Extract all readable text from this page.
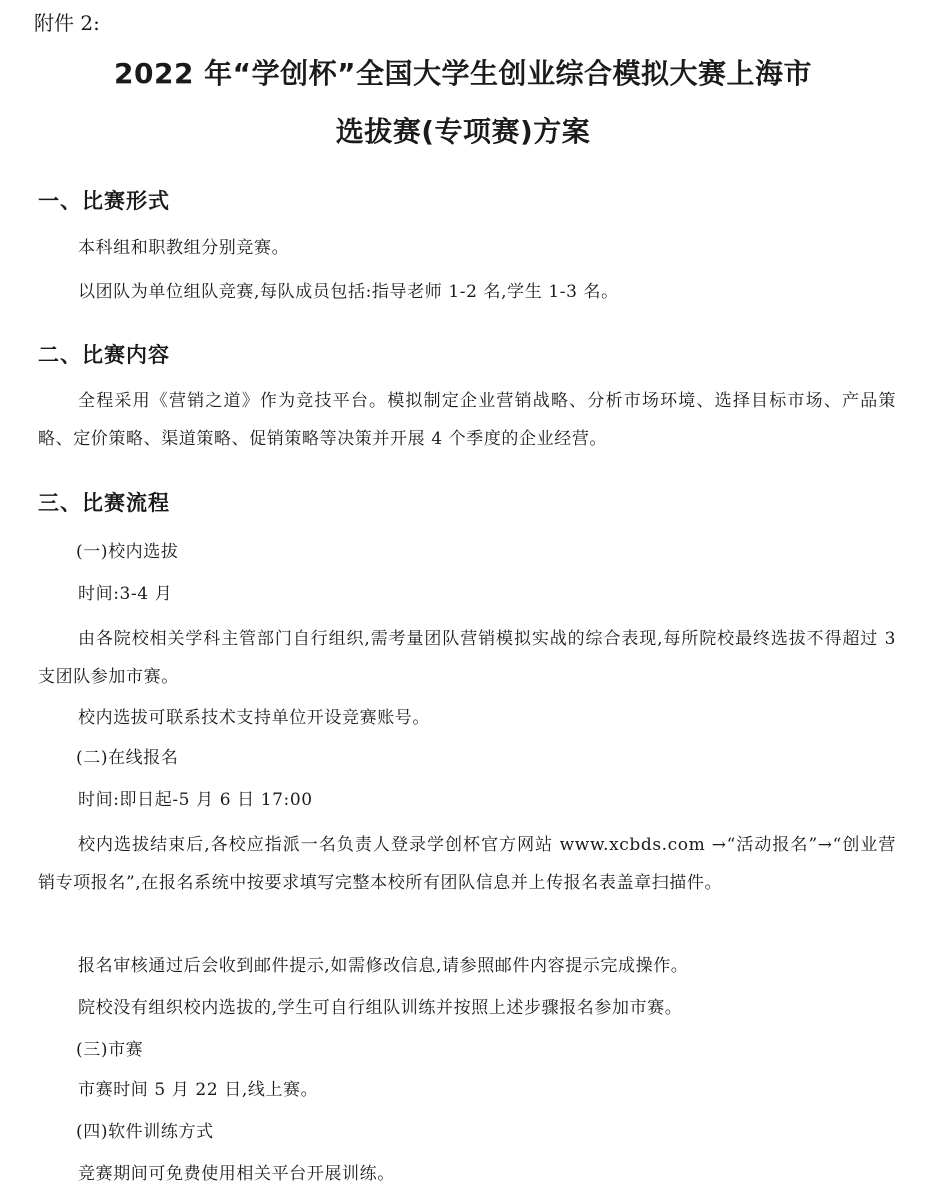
附件 2:
2022 年“学创杯”全国大学生创业综合模拟大赛上海市
选拔赛(专项赛)方案
一、比赛形式
本科组和职教组分别竞赛。
以团队为单位组队竞赛,每队成员包括:指导老师 1-2 名,学生 1-3 名。
二、比赛内容
全程采用《营销之道》作为竞技平台。模拟制定企业营销战略、分析市场环境、选择目标市场、产品策略、定价策略、渠道策略、促销策略等决策并开展 4 个季度的企业经营。
三、比赛流程
(一)校内选拔
时间:3-4 月
由各院校相关学科主管部门自行组织,需考量团队营销模拟实战的综合表现,每所院校最终选拔不得超过 3 支团队参加市赛。
校内选拔可联系技术支持单位开设竞赛账号。
(二)在线报名
时间:即日起-5 月 6 日 17:00
校内选拔结束后,各校应指派一名负责人登录学创杯官方网站 www.xcbds.com →“活动报名”→“创业营销专项报名”,在报名系统中按要求填写完整本校所有团队信息并上传报名表盖章扫描件。
报名审核通过后会收到邮件提示,如需修改信息,请参照邮件内容提示完成操作。
院校没有组织校内选拔的,学生可自行组队训练并按照上述步骤报名参加市赛。
(三)市赛
市赛时间 5 月 22 日,线上赛。
(四)软件训练方式
竞赛期间可免费使用相关平台开展训练。
